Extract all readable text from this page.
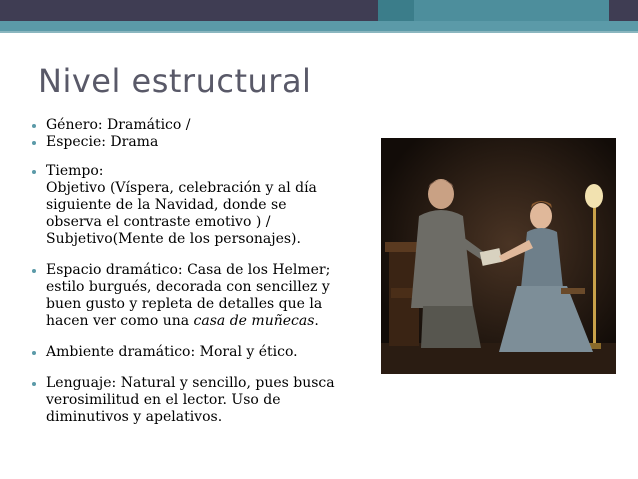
Nivel estructural
Género: Dramático /
Especie: Drama
Tiempo:
Objetivo (Víspera, celebración y al día
siguiente de la Navidad, donde se
observa el contraste emotivo ) /
Subjetivo(Mente de los personajes).
Espacio dramático: Casa de los Helmer;
estilo burgués, decorada con sencillez y
buen gusto y repleta de detalles que la
hacen ver como una casa de muñecas.
Ambiente dramático: Moral y ético.
Lenguaje: Natural y sencillo, pues busca
verosimilitud en el lector. Uso de
diminutivos y apelativos.
